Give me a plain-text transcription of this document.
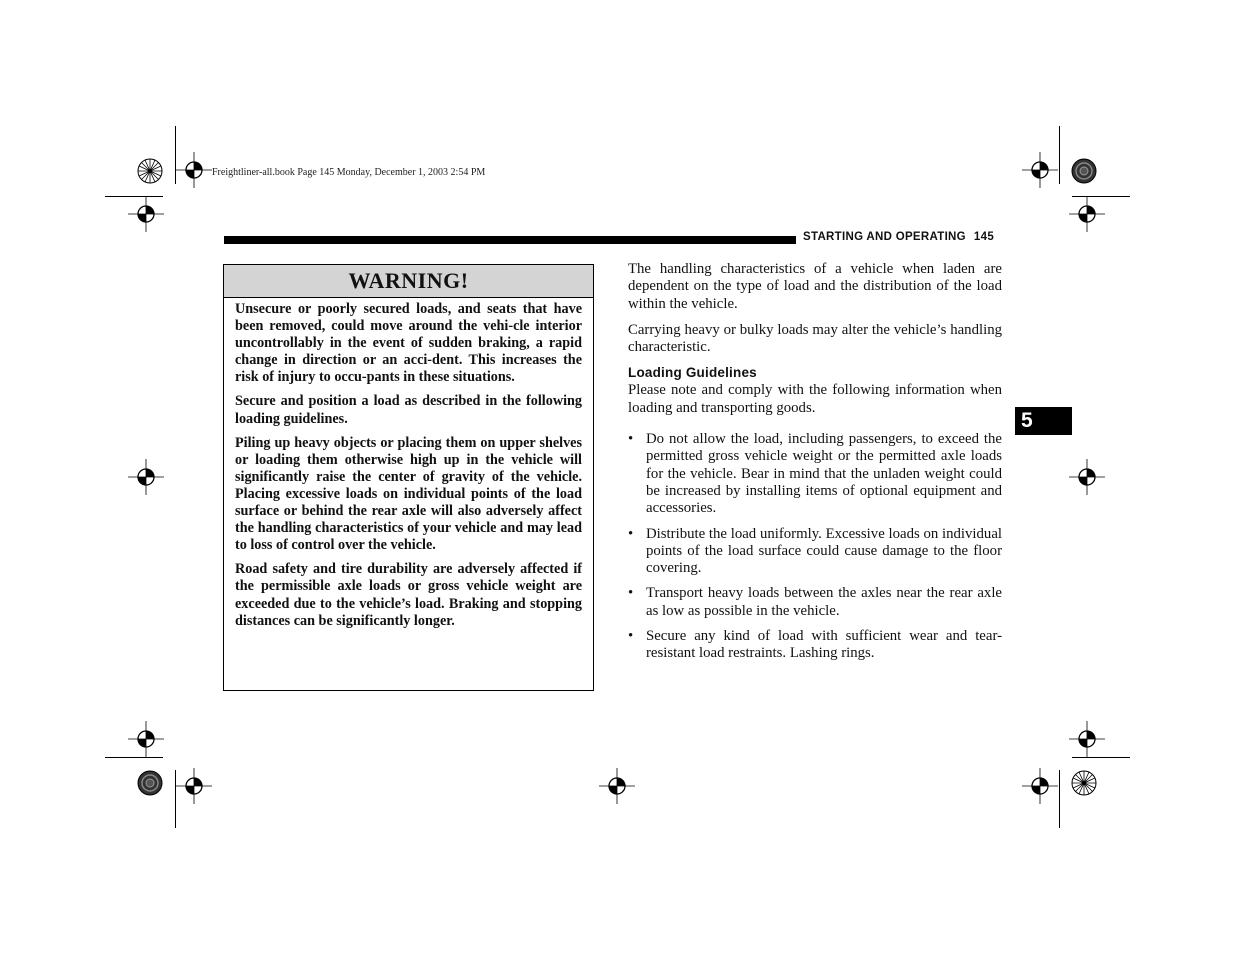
Freightliner-all.book Page 145 Monday, December 1, 2003 2:54 PM
STARTING AND OPERATING 145
5
WARNING!

Unsecure or poorly secured loads, and seats that have been removed, could move around the vehi-cle interior uncontrollably in the event of sudden braking, a rapid change in direction or an acci-dent. This increases the risk of injury to occu-pants in these situations.

Secure and position a load as described in the following loading guidelines.

Piling up heavy objects or placing them on upper shelves or loading them otherwise high up in the vehicle will significantly raise the center of gravity of the vehicle. Placing excessive loads on individual points of the load surface or behind the rear axle will also adversely affect the handling characteristics of your vehicle and may lead to loss of control over the vehicle.

Road safety and tire durability are adversely affected if the permissible axle loads or gross vehicle weight are exceeded due to the vehicle’s load. Braking and stopping distances can be significantly longer.

The handling characteristics of a vehicle when laden are dependent on the type of load and the distribution of the load within the vehicle.

Carrying heavy or bulky loads may alter the vehicle’s handling characteristic.

Loading Guidelines

Please note and comply with the following information when loading and transporting goods.

• Do not allow the load, including passengers, to exceed the permitted gross vehicle weight or the permitted axle loads for the vehicle. Bear in mind that the unladen weight could be increased by installing items of optional equipment and accessories.
• Distribute the load uniformly. Excessive loads on individual points of the load surface could cause damage to the floor covering.
• Transport heavy loads between the axles near the rear axle as low as possible in the vehicle.
• Secure any kind of load with sufficient wear and tear-resistant load restraints. Lashing rings.
